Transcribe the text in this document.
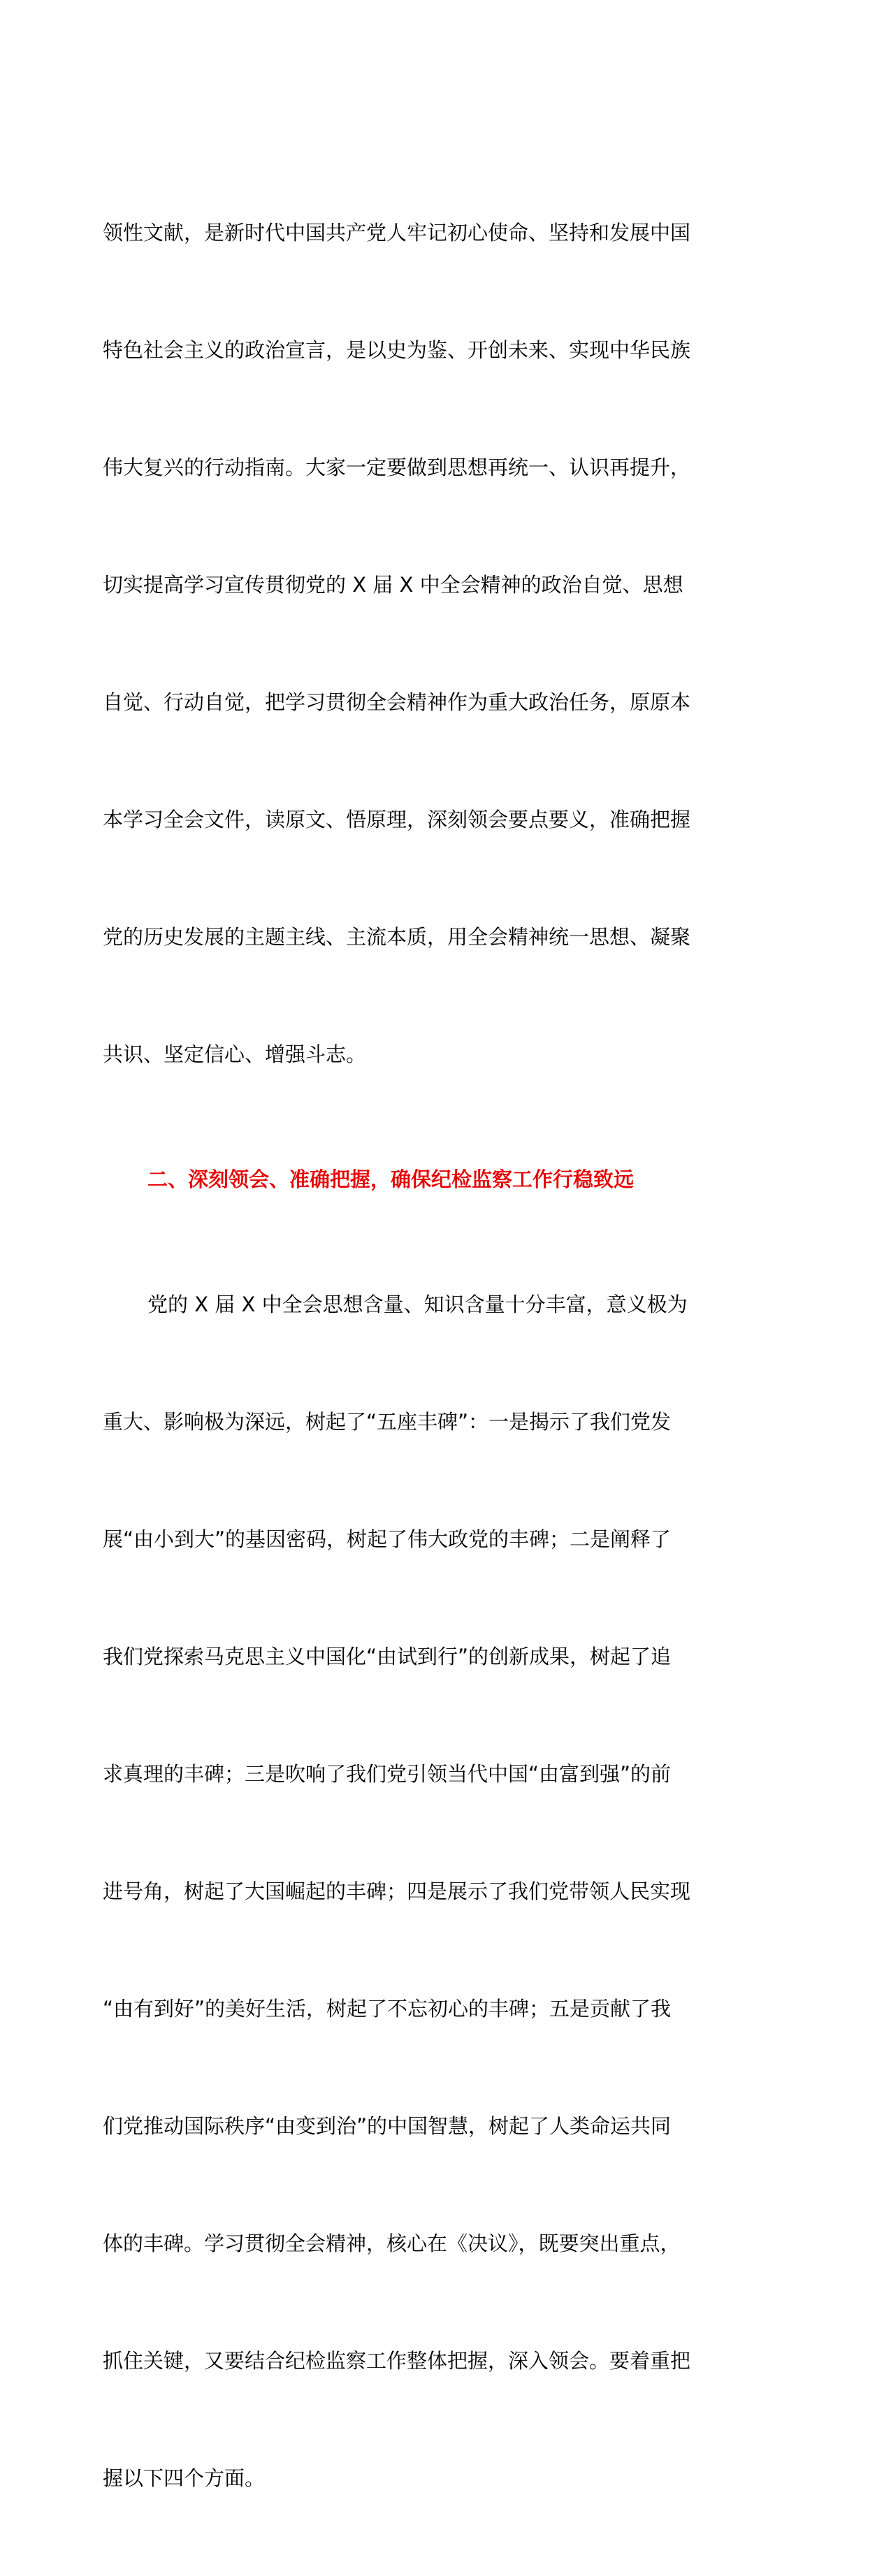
领性文献，是新时代中国共产党人牢记初心使命、坚持和发展中国

特色社会主义的政治宣言，是以史为鉴、开创未来、实现中华民族

伟大复兴的行动指南。大家一定要做到思想再统一、认识再提升，

切实提高学习宣传贯彻党的 X 届 X 中全会精神的政治自觉、思想

自觉、行动自觉，把学习贯彻全会精神作为重大政治任务，原原本

本学习全会文件，读原文、悟原理，深刻领会要点要义，准确把握

党的历史发展的主题主线、主流本质，用全会精神统一思想、凝聚

共识、坚定信心、增强斗志。

二、深刻领会、准确把握，确保纪检监察工作行稳致远

党的 X 届 X 中全会思想含量、知识含量十分丰富，意义极为

重大、影响极为深远，树起了“五座丰碑”：一是揭示了我们党发

展“由小到大”的基因密码，树起了伟大政党的丰碑；二是阐释了

我们党探索马克思主义中国化“由试到行”的创新成果，树起了追

求真理的丰碑；三是吹响了我们党引领当代中国“由富到强”的前

进号角，树起了大国崛起的丰碑；四是展示了我们党带领人民实现

“由有到好”的美好生活，树起了不忘初心的丰碑；五是贡献了我

们党推动国际秩序“由变到治”的中国智慧，树起了人类命运共同

体的丰碑。学习贯彻全会精神，核心在《决议》，既要突出重点，

抓住关键，又要结合纪检监察工作整体把握，深入领会。要着重把

握以下四个方面。
